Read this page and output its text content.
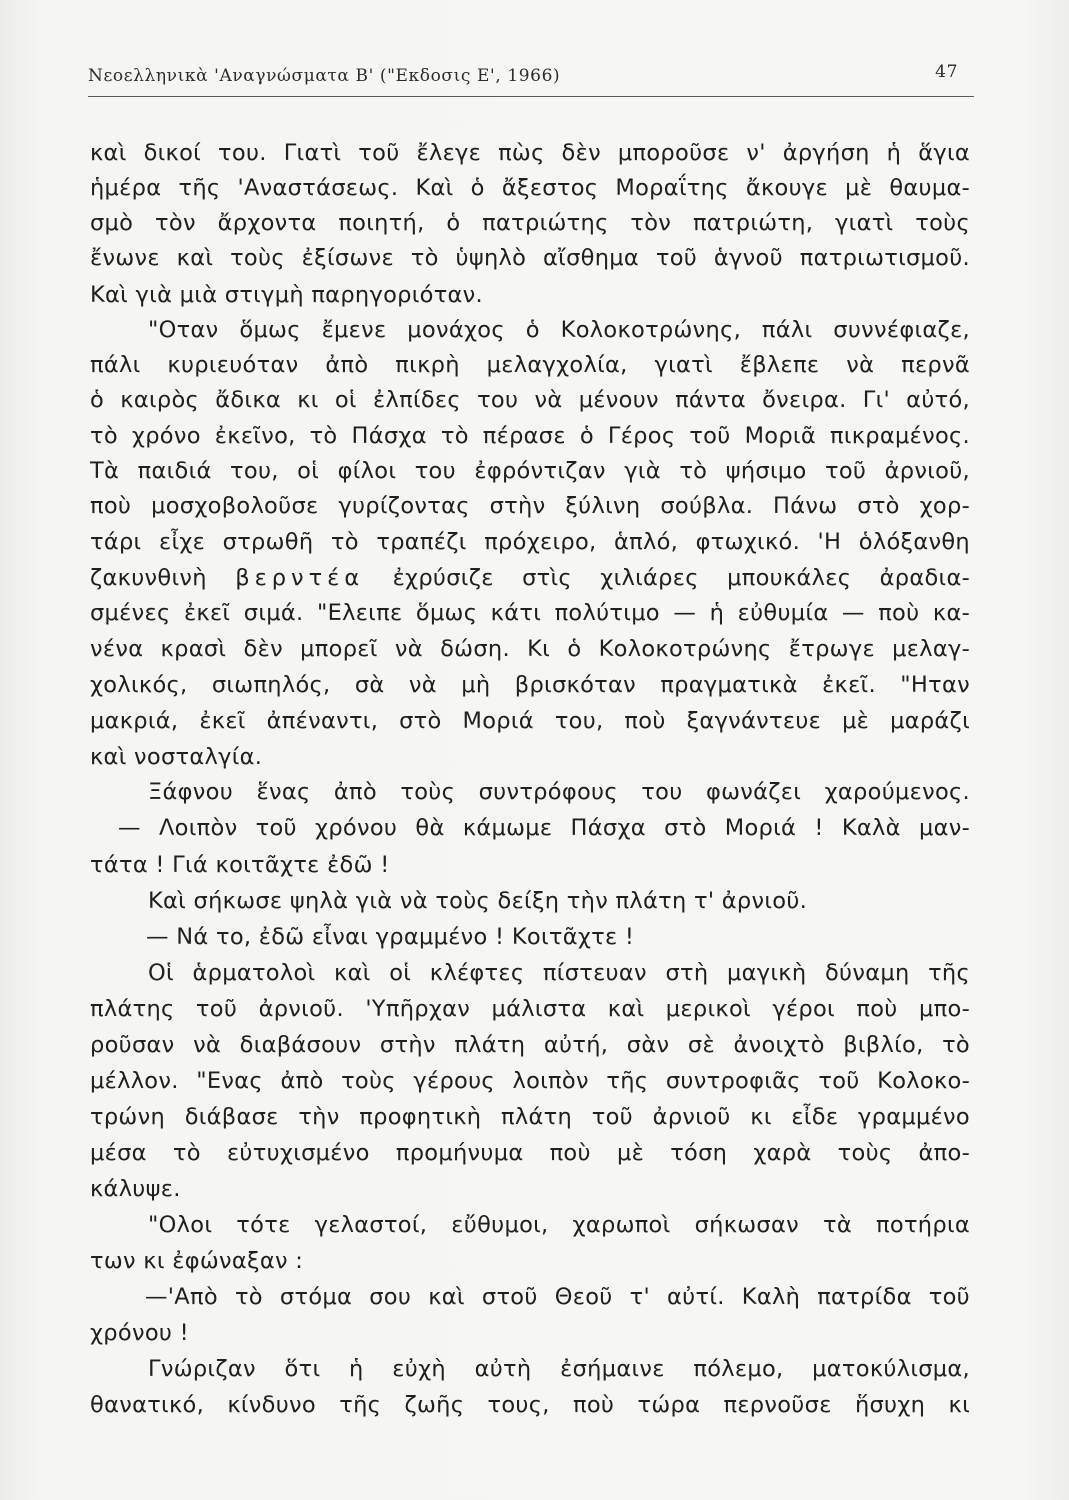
Νεοελληνικὰ 'Αναγνώσματα Β' ("Εκδοσις Ε', 1966)	47
καὶ δικοί του. Γιατὶ τοῦ ἔλεγε πὼς δὲν μποροῦσε ν' ἀργήση ἡ ἅγια
ἡμέρα τῆς 'Αναστάσεως. Καὶ ὁ ἄξεστος Μοραΐτης ἄκουγε μὲ θαυμα-
σμὸ τὸν ἄρχοντα ποιητή, ὁ πατριώτης τὸν πατριώτη, γιατὶ τοὺς
ἔνωνε καὶ τοὺς ἐξίσωνε τὸ ὑψηλὸ αἴσθημα τοῦ ἁγνοῦ πατριωτισμοῦ.
Καὶ γιὰ μιὰ στιγμὴ παρηγοριόταν.
"Οταν ὅμως ἔμενε μονάχος ὁ Κολοκοτρώνης, πάλι συννέφιαζε,
πάλι κυριευόταν ἀπὸ πικρὴ μελαγχολία, γιατὶ ἔβλεπε νὰ περνᾶ
ὁ καιρὸς ἄδικα κι οἱ ἐλπίδες του νὰ μένουν πάντα ὄνειρα. Γι' αὐτό,
τὸ χρόνο ἐκεῖνο, τὸ Πάσχα τὸ πέρασε ὁ Γέρος τοῦ Μοριᾶ πικραμένος.
Τὰ παιδιά του, οἱ φίλοι του ἐφρόντιζαν γιὰ τὸ ψήσιμο τοῦ ἀρνιοῦ,
ποὺ μοσχοβολοῦσε γυρίζοντας στὴν ξύλινη σούβλα. Πάνω στὸ χορ-
τάρι εἶχε στρωθῆ τὸ τραπέζι πρόχειρο, ἁπλό, φτωχικό. 'Η ὁλόξανθη
ζακυνθινὴ βερντέα ἐχρύσιζε στὶς χιλιάρες μπουκάλες ἀραδια-
σμένες ἐκεῖ σιμά. "Ελειπε ὅμως κάτι πολύτιμο — ἡ εὐθυμία — ποὺ κα-
νένα κρασὶ δὲν μπορεῖ νὰ δώση. Κι ὁ Κολοκοτρώνης ἔτρωγε μελαγ-
χολικός, σιωπηλός, σὰ νὰ μὴ βρισκόταν πραγματικὰ ἐκεῖ. "Ηταν
μακριά, ἐκεῖ ἀπέναντι, στὸ Μοριά του, ποὺ ξαγνάντευε μὲ μαράζι
καὶ νοσταλγία.
Ξάφνου ἕνας ἀπὸ τοὺς συντρόφους του φωνάζει χαρούμενος.
— Λοιπὸν τοῦ χρόνου θὰ κάμωμε Πάσχα στὸ Μοριά ! Καλὰ μαν-
τάτα ! Γιά κοιτᾶχτε ἐδῶ !
Καὶ σήκωσε ψηλὰ γιὰ νὰ τοὺς δείξη τὴν πλάτη τ' ἀρνιοῦ.
— Νά το, ἐδῶ εἶναι γραμμένο ! Κοιτᾶχτε !
Οἱ ἁρματολοὶ καὶ οἱ κλέφτες πίστευαν στὴ μαγικὴ δύναμη τῆς
πλάτης τοῦ ἀρνιοῦ. 'Υπῆρχαν μάλιστα καὶ μερικοὶ γέροι ποὺ μπο-
ροῦσαν νὰ διαβάσουν στὴν πλάτη αὐτή, σὰν σὲ ἀνοιχτὸ βιβλίο, τὸ
μέλλον. "Ενας ἀπὸ τοὺς γέρους λοιπὸν τῆς συντροφιᾶς τοῦ Κολοκο-
τρώνη διάβασε τὴν προφητικὴ πλάτη τοῦ ἀρνιοῦ κι εἶδε γραμμένο
μέσα τὸ εὐτυχισμένο προμήνυμα ποὺ μὲ τόση χαρὰ τοὺς ἀπο-
κάλυψε.
"Ολοι τότε γελαστοί, εὔθυμοι, χαρωποὶ σήκωσαν τὰ ποτήρια
των κι ἐφώναξαν :
—'Απὸ τὸ στόμα σου καὶ στοῦ Θεοῦ τ' αὐτί. Καλὴ πατρίδα τοῦ
χρόνου !
Γνώριζαν ὅτι ἡ εὐχὴ αὐτὴ ἐσήμαινε πόλεμο, ματοκύλισμα,
θανατικό, κίνδυνο τῆς ζωῆς τους, ποὺ τώρα περνοῦσε ἥσυχη κι
